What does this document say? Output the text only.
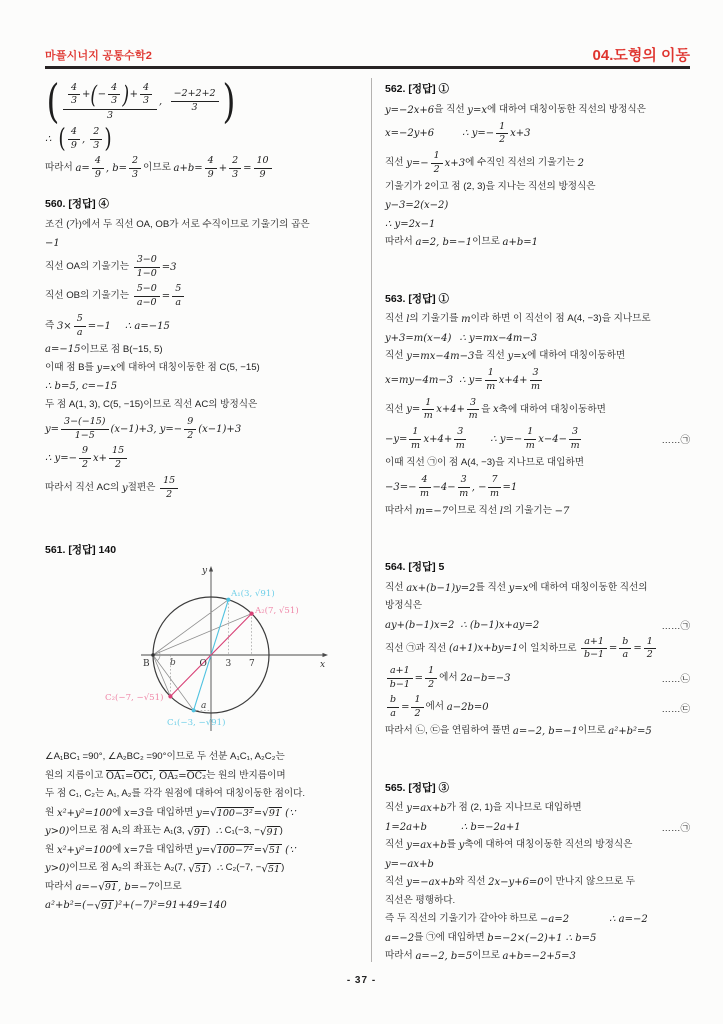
마플시너지 공통수학2	04.도형의 이동
( $\frac{\frac{4}{3} + ( - \frac{4}{3} ) + \frac{4}{3}}{3}$ , $\frac{-2+2+2}{3}$ )
∴ ( $\frac{4}{9}$ , $\frac{2}{3}$ )
따라서 $a= \frac{4}{9}$ , $b= \frac{2}{3}$ 이므로 $a+b= \frac{4}{9} + \frac{2}{3} = \frac{10}{9}$
560. [정답] ④
조건 (가)에서 두 직선 OA, OB가 서로 수직이므로 기울기의 곱은
−1
직선 OA의 기울기는 $\frac{3-0}{1-0} =3$
직선 OB의 기울기는 $\frac{5-0}{a-0} = \frac{5}{a}$
즉 $3\times \frac{5}{a} =-1$ ∴ a=−15
a=−15 이므로 점 B(−15, 5)
이때 점 B를 y=x 에 대하여 대칭이동한 점 C(5, −15)
∴ b=5, c=−15
두 점 A(1, 3), C(5, −15)이므로 직선 AC의 방정식은
$y= \frac{3-(-15)}{1-5} (x-1)+3$, $y=- \frac{9}{2} (x-1)+3$
∴ $y=- \frac{9}{2} x+ \frac{15}{2}$
따라서 직선 AC의 y 절편은 $\frac{15}{2}$
561. [정답] 140
y
x
O 3 7
B b
a
A₁(3, √91)
A₂(7, √51)
C₂(−7, −√51)
C₁(−3, −√91)
∠A₁BC₁ =90°, ∠A₂BC₂ =90°이므로 두 선분 A₁C₁, A₂C₂는
원의 지름이고 OA₁ = OC₁ , OA₂ = OC₂ 는 원의 반지름이며
두 점 C₁, C₂는 A₁, A₂를 각각 원점에 대하여 대칭이동한 점이다.
원 x²+y²=100 에 x=3 을 대입하면 y= √ 100−3² = √ 91 (∵
y>0) 이므로 점 A₁의 좌표는 A₁(3, √ 91 ) ∴ C₁(−3, − √ 91 )
원 x²+y²=100 에 x=7 을 대입하면 y= √ 100−7² = √ 51 (∵
y>0) 이므로 점 A₂의 좌표는 A₂(7, √ 51 ) ∴ C₂(−7, − √ 51 )
따라서 a=− √ 91 , b=−7 이므로
a²+b²=(− √ 91 )²+(−7)²=91+49=140
562. [정답] ①
y=−2x+6 을 직선 y=x 에 대하여 대칭이동한 직선의 방정식은
x=−2y+6	∴ $y=- \frac{1}{2} x+3$
직선 $y=- \frac{1}{2} x+3$ 에 수직인 직선의 기울기는 2
기울기가 2이고 점 (2, 3)을 지나는 직선의 방정식은
y−3=2(x−2)
∴ y=2x−1
따라서 a=2, b=−1 이므로 a+b=1
563. [정답] ①
직선 l 의 기울기를 m 이라 하면 이 직선이 점 A(4, −3)을 지나므로
y+3=m(x−4) ∴ y=mx−4m−3
직선 y=mx−4m−3 을 직선 y=x 에 대하여 대칭이동하면
x=my−4m−3 ∴ $y= \frac{1}{m} x+4+ \frac{3}{m}$
직선 $y= \frac{1}{m} x+4+ \frac{3}{m}$ 을 x 축에 대하여 대칭이동하면
$-y= \frac{1}{m} x+4+ \frac{3}{m}$ ∴ $y=- \frac{1}{m} x-4- \frac{3}{m}$	……㉠
이때 직선 ㉠이 점 A(4, −3)을 지나므로 대입하면
$-3=- \frac{4}{m} -4- \frac{3}{m}$ , − $\frac{7}{m} =1$
따라서 m=−7 이므로 직선 l 의 기울기는 −7
564. [정답] 5
직선 ax+(b−1)y=2 를 직선 y=x 에 대하여 대칭이동한 직선의
방정식은
ay+(b−1)x=2 ∴ (b−1)x+ay=2	……㉠
직선 ㉠과 직선 (a+1)x+by=1 이 일치하므로 $\frac{a+1}{b-1} = \frac{b}{a} = \frac{1}{2}$
$\frac{a+1}{b-1} = \frac{1}{2}$ 에서 2a−b=−3	……㉡
$\frac{b}{a} = \frac{1}{2}$ 에서 a−2b=0	……㉢
따라서 ㉡, ㉢을 연립하여 풀면 a=−2, b=−1 이므로 a²+b²=5
565. [정답] ③
직선 y=ax+b 가 점 (2, 1)을 지나므로 대입하면
1=2a+b	∴ b=−2a+1	……㉠
직선 y=ax+b 를 y 축에 대하여 대칭이동한 직선의 방정식은
y=−ax+b
직선 y=−ax+b 와 직선 2x−y+6=0 이 만나지 않으므로 두
직선은 평행하다.
즉 두 직선의 기울기가 같아야 하므로 −a=2	∴ a=−2
a=−2 를 ㉠에 대입하면 b=−2×(−2)+1 ∴ b=5
따라서 a=−2, b=5 이므로 a+b=−2+5=3
- 37 -
